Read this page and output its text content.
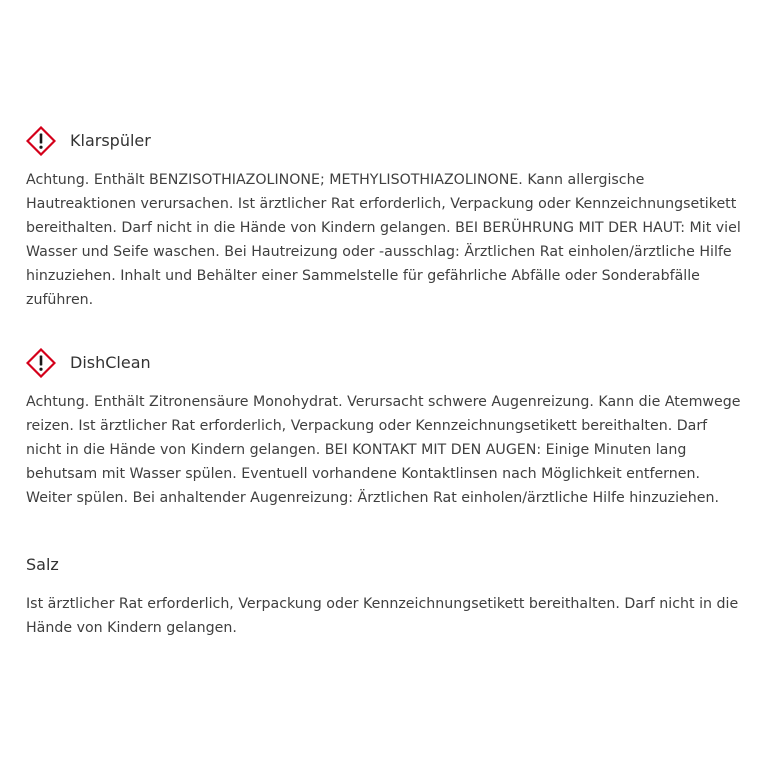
Klarspüler

Achtung. Enthält BENZISOTHIAZOLINONE; METHYLISOTHIAZOLINONE. Kann allergische Hautreaktionen verursachen. Ist ärztlicher Rat erforderlich, Verpackung oder Kennzeichnungsetikett bereithalten. Darf nicht in die Hände von Kindern gelangen. BEI BERÜHRUNG MIT DER HAUT: Mit viel Wasser und Seife waschen. Bei Hautreizung oder -ausschlag: Ärztlichen Rat einholen/ärztliche Hilfe hinzuziehen. Inhalt und Behälter einer Sammelstelle für gefährliche Abfälle oder Sonderabfälle zuführen.

DishClean

Achtung. Enthält Zitronensäure Monohydrat. Verursacht schwere Augenreizung. Kann die Atemwege reizen. Ist ärztlicher Rat erforderlich, Verpackung oder Kennzeichnungsetikett bereithalten. Darf nicht in die Hände von Kindern gelangen. BEI KONTAKT MIT DEN AUGEN: Einige Minuten lang behutsam mit Wasser spülen. Eventuell vorhandene Kontaktlinsen nach Möglichkeit entfernen. Weiter spülen. Bei anhaltender Augenreizung: Ärztlichen Rat einholen/ärztliche Hilfe hinzuziehen.

Salz

Ist ärztlicher Rat erforderlich, Verpackung oder Kennzeichnungsetikett bereithalten. Darf nicht in die Hände von Kindern gelangen.
